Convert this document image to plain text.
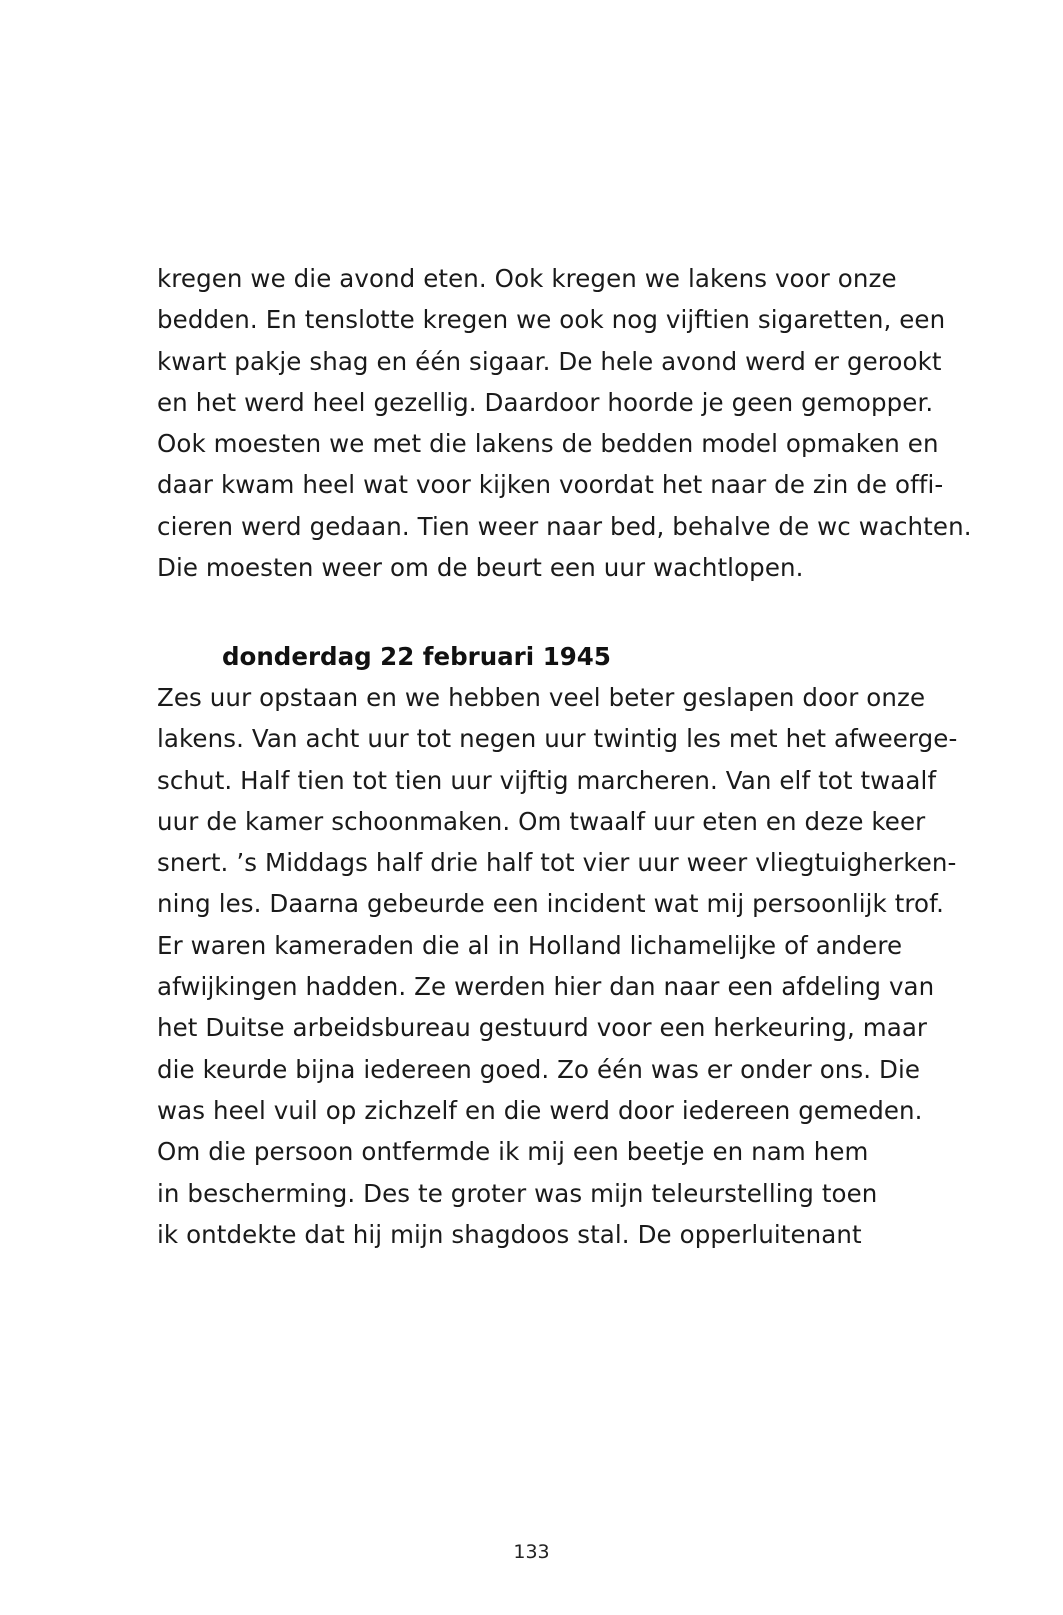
kregen we die avond eten. Ook kregen we lakens voor onze
bedden. En tenslotte kregen we ook nog vijftien sigaretten, een
kwart pakje shag en één sigaar. De hele avond werd er gerookt
en het werd heel gezellig. Daardoor hoorde je geen gemopper.
Ook moesten we met die lakens de bedden model opmaken en
daar kwam heel wat voor kijken voordat het naar de zin de offi-
cieren werd gedaan. Tien weer naar bed, behalve de wc wachten.
Die moesten weer om de beurt een uur wachtlopen.
donderdag 22 februari 1945
Zes uur opstaan en we hebben veel beter geslapen door onze
lakens. Van acht uur tot negen uur twintig les met het afweerge-
schut. Half tien tot tien uur vijftig marcheren. Van elf tot twaalf
uur de kamer schoonmaken. Om twaalf uur eten en deze keer
snert. ’s Middags half drie half tot vier uur weer vliegtuigherken-
ning les. Daarna gebeurde een incident wat mij persoonlijk trof.
Er waren kameraden die al in Holland lichamelijke of andere
afwijkingen hadden. Ze werden hier dan naar een afdeling van
het Duitse arbeidsbureau gestuurd voor een herkeuring, maar
die keurde bijna iedereen goed. Zo één was er onder ons. Die
was heel vuil op zichzelf en die werd door iedereen gemeden.
Om die persoon ontfermde ik mij een beetje en nam hem
in bescherming. Des te groter was mijn teleurstelling toen
ik ontdekte dat hij mijn shagdoos stal. De opperluitenant
133
